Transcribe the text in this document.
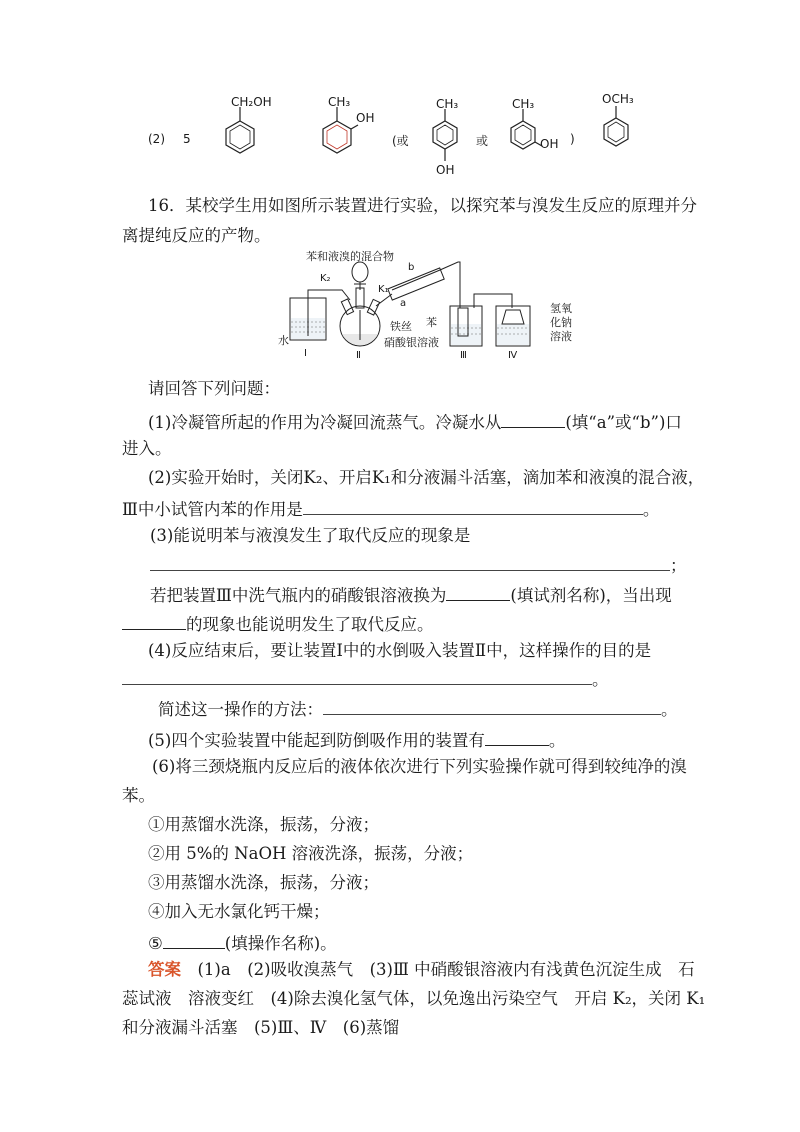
(2) 5
CH₂OH	CH₃
OH
(或
CH₃
OH
或
CH₃
OH )
OCH₃
16．某校学生用如图所示装置进行实验，以探究苯与溴发生反应的原理并分
离提纯反应的产物。
苯和液溴的混合物
K₂
K₁
b
a
水
铁丝
硝酸银溶液
苯
氢氧
化钠
溶液
Ⅰ	Ⅱ	Ⅲ	Ⅳ
请回答下列问题：
(1)冷凝管所起的作用为冷凝回流蒸气。冷凝水从	(填“a”或“b”)口
进入。
(2)实验开始时，关闭K₂、开启K₁和分液漏斗活塞，滴加苯和液溴的混合液，
Ⅲ中小试管内苯的作用是	。
(3)能说明苯与液溴发生了取代反应的现象是
；
若把装置Ⅲ中洗气瓶内的硝酸银溶液换为	(填试剂名称)，当出现
的现象也能说明发生了取代反应。
(4)反应结束后，要让装置Ⅰ中的水倒吸入装置Ⅱ中，这样操作的目的是
。
简述这一操作的方法：	。
(5)四个实验装置中能起到防倒吸作用的装置有	。
(6)将三颈烧瓶内反应后的液体依次进行下列实验操作就可得到较纯净的溴
苯。
①用蒸馏水洗涤，振荡，分液；
②用 5%的 NaOH 溶液洗涤，振荡，分液；
③用蒸馏水洗涤，振荡，分液；
④加入无水氯化钙干燥；
⑤	(填操作名称)。
答案　 (1)a　(2)吸收溴蒸气　(3)Ⅲ 中硝酸银溶液内有浅黄色沉淀生成　石
蕊试液　溶液变红　(4)除去溴化氢气体，以免逸出污染空气　开启 K₂，关闭 K₁
和分液漏斗活塞　(5)Ⅲ、Ⅳ　(6)蒸馏
